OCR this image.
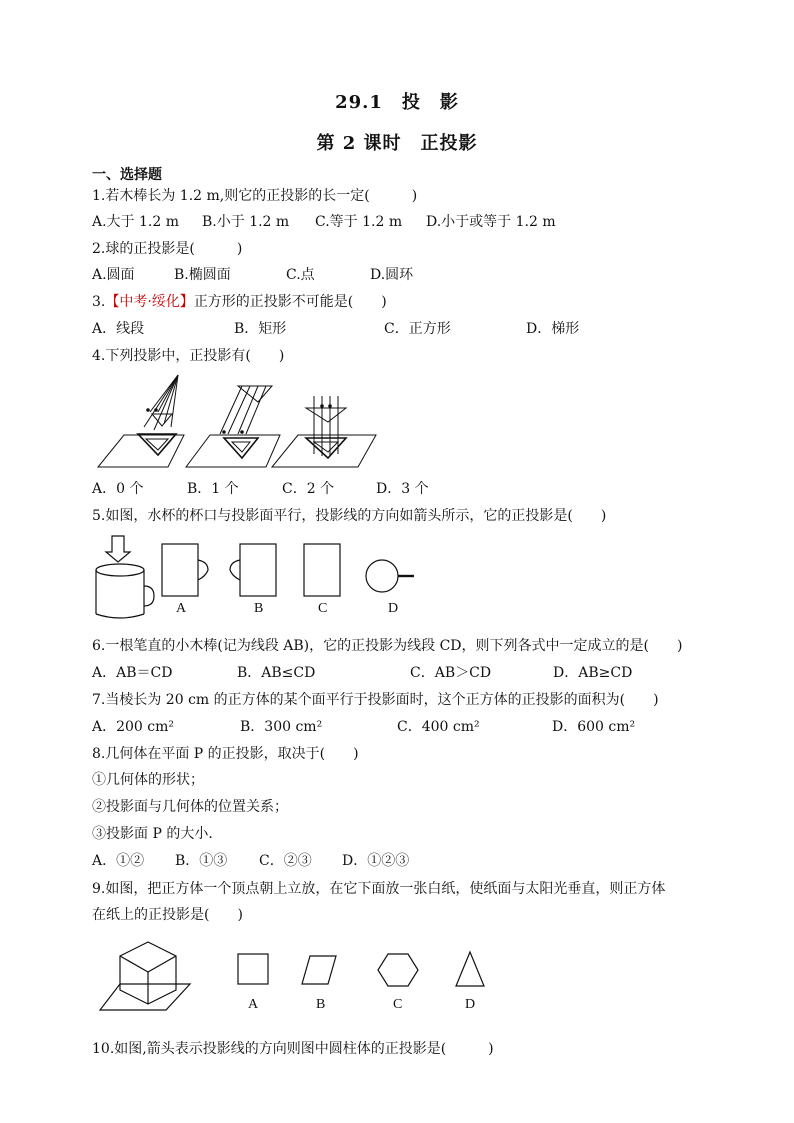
29.1　投　影
第 2 课时　正投影
一、选择题
1.若木棒长为 1.2 m,则它的正投影的长一定(　　　)
A.大于 1.2 m B.小于 1.2 m C.等于 1.2 m D.小于或等于 1.2 m
2.球的正投影是(　　　)
A.圆面	B.椭圆面	C.点	D.圆环
3.【中考·绥化】正方形的正投影不可能是(　　)
A．线段	B．矩形	C．正方形	D．梯形
4.下列投影中，正投影有(　　)
A．0 个	B．1 个	C．2 个	D．3 个
5.如图，水杯的杯口与投影面平行，投影线的方向如箭头所示，它的正投影是(　　)
A	B	C	D
6.一根笔直的小木棒(记为线段 AB)，它的正投影为线段 CD，则下列各式中一定成立的是(　　)
A．AB＝CD	B．AB≤CD	C．AB＞CD	D．AB≥CD
7.当棱长为 20 cm 的正方体的某个面平行于投影面时，这个正方体的正投影的面积为(　　)
A．200 cm²	B．300 cm²	C．400 cm²	D．600 cm²
8.几何体在平面 P 的正投影，取决于(　　)
①几何体的形状；
②投影面与几何体的位置关系；
③投影面 P 的大小．
A．①② B．①③ C．②③ D．①②③
9.如图，把正方体一个顶点朝上立放，在它下面放一张白纸，使纸面与太阳光垂直，则正方体
在纸上的正投影是(　　)
A	B	C	D
10.如图,箭头表示投影线的方向则图中圆柱体的正投影是(　　　)
